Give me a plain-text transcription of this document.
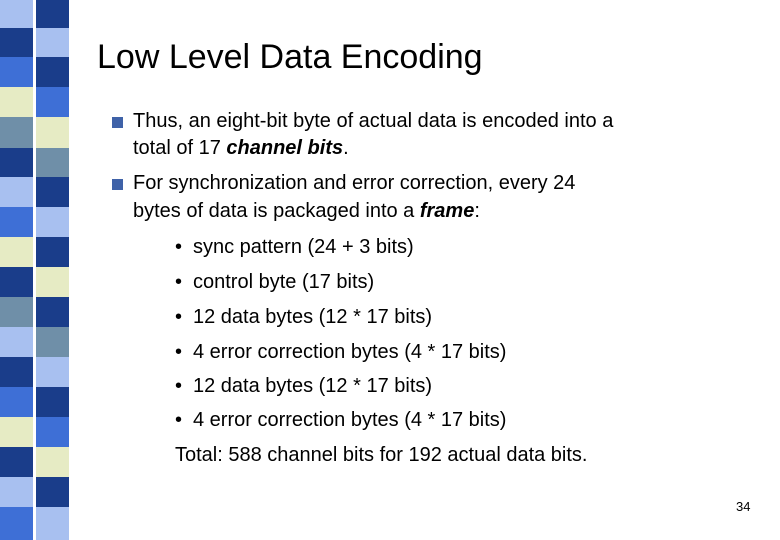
Low Level Data Encoding
Thus, an eight-bit byte of actual data is encoded into a
total of 17 channel bits.
For synchronization and error correction, every 24
bytes of data is packaged into a frame:
• sync pattern (24 + 3 bits)
• control byte (17 bits)
• 12 data bytes (12 * 17 bits)
• 4 error correction bytes (4 * 17 bits)
• 12 data bytes (12 * 17 bits)
• 4 error correction bytes (4 * 17 bits)
Total: 588 channel bits for 192 actual data bits.
34
